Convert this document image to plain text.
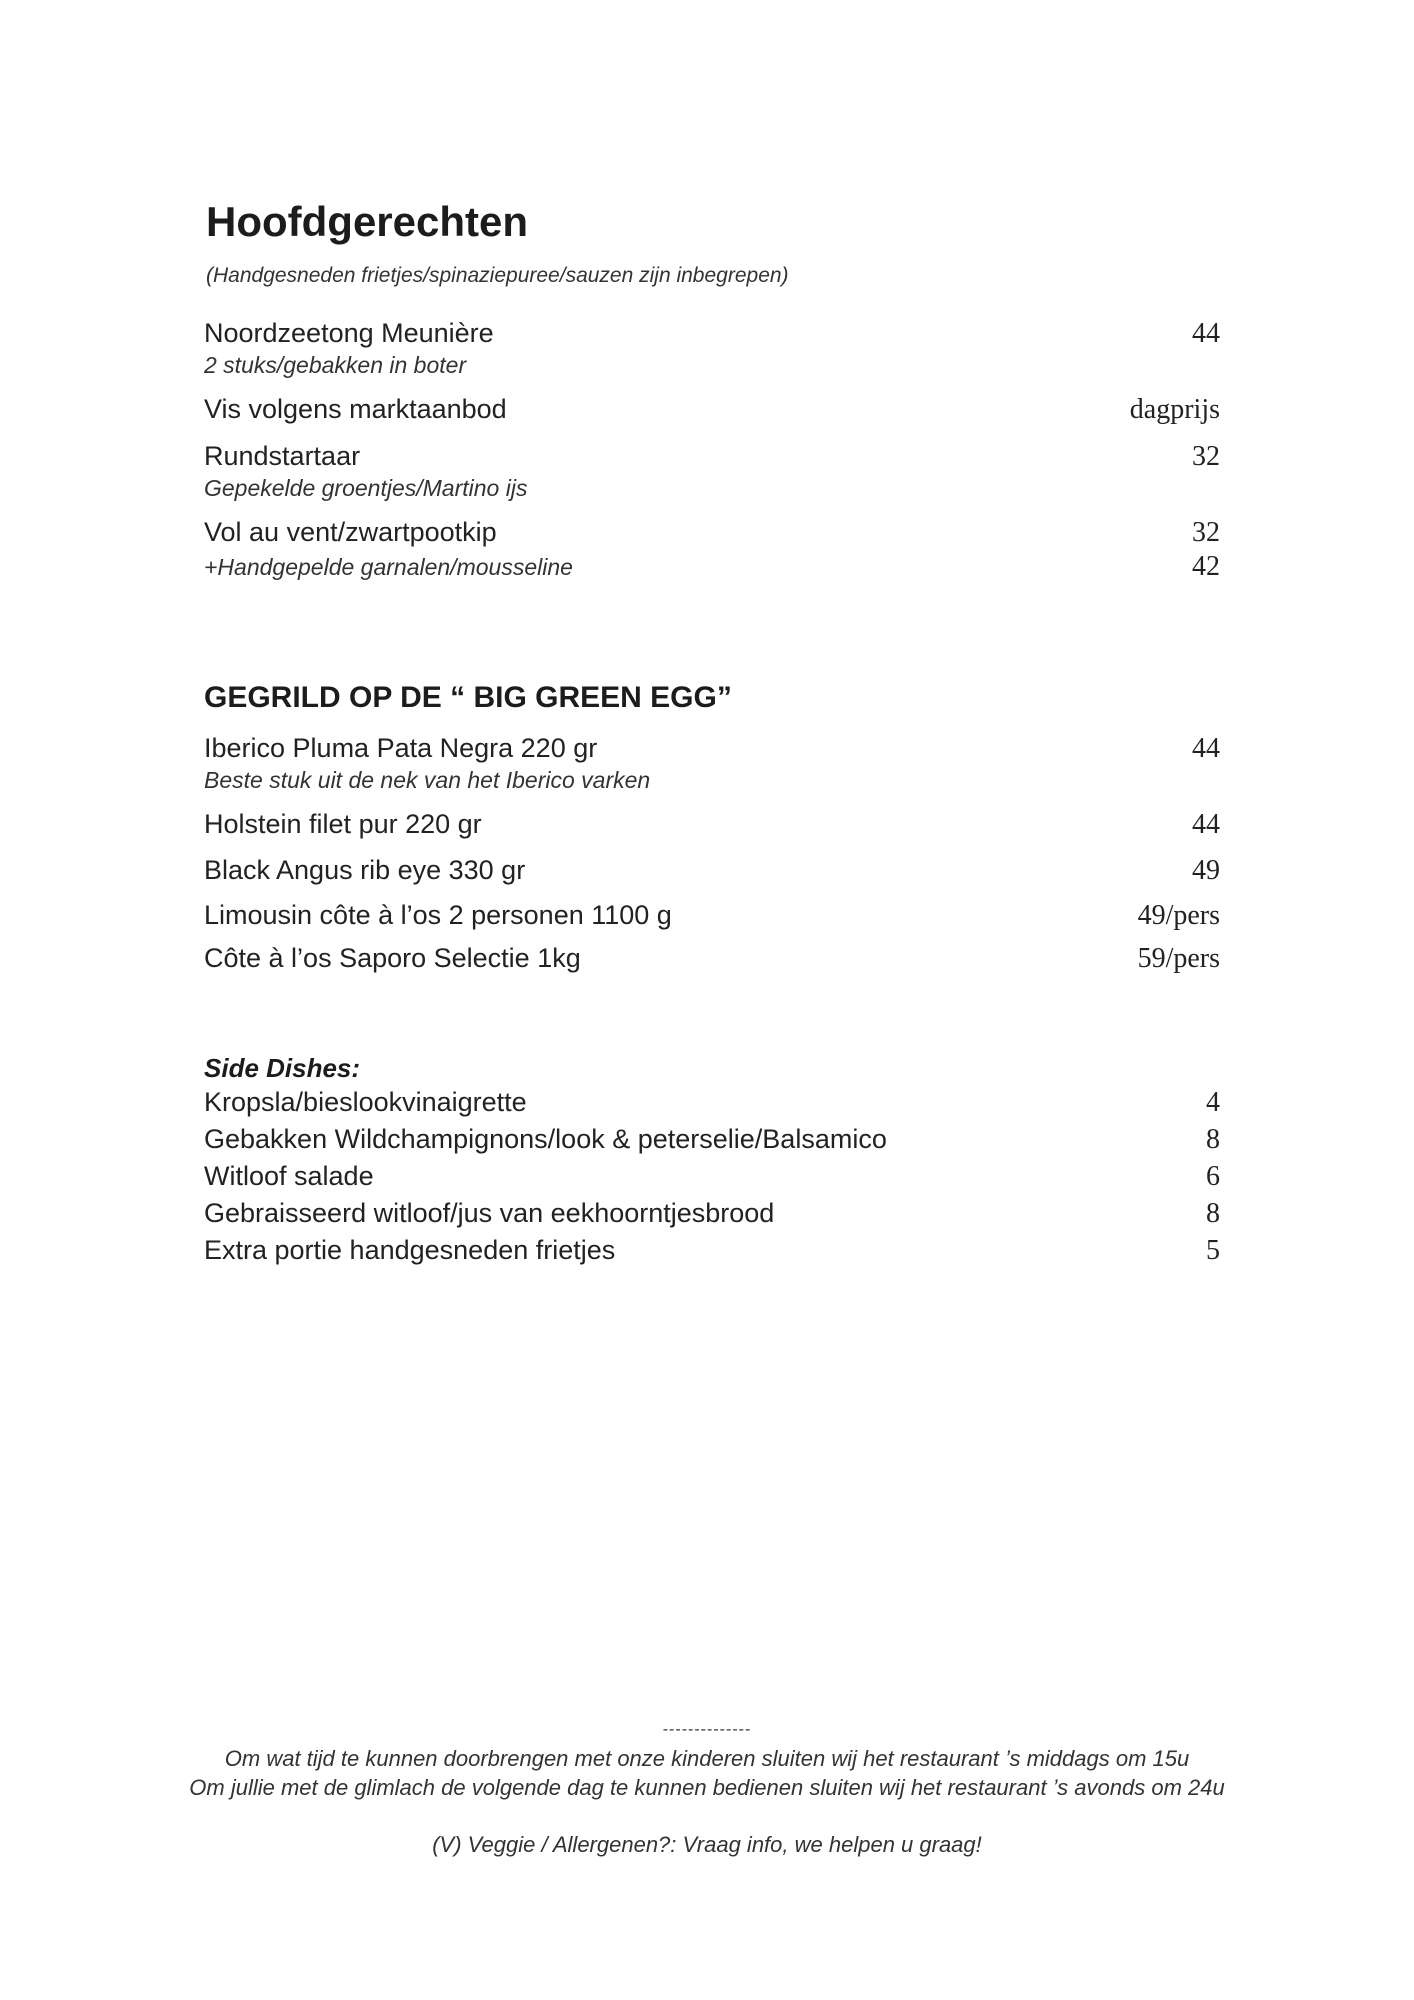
Hoofdgerechten

(Handgesneden frietjes/spinaziepuree/sauzen zijn inbegrepen)

Noordzeetong Meunière	44
2 stuks/gebakken in boter
Vis volgens marktaanbod	dagprijs
Rundstartaar	32
Gepekelde groentjes/Martino ijs
Vol au vent/zwartpootkip	32
+Handgepelde garnalen/mousseline	42
GEGRILD OP DE “ BIG GREEN EGG”
Iberico Pluma Pata Negra 220 gr	44
Beste stuk uit de nek van het Iberico varken
Holstein filet pur 220 gr	44
Black Angus rib eye 330 gr	49
Limousin côte à l’os 2 personen 1100 g	49/pers
Côte à l’os Saporo Selectie 1kg	59/pers
Side Dishes:
Kropsla/bieslookvinaigrette	4
Gebakken Wildchampignons/look & peterselie/Balsamico	8
Witloof salade	6
Gebraisseerd witloof/jus van eekhoorntjesbrood	8
Extra portie handgesneden frietjes	5
--------------
Om wat tijd te kunnen doorbrengen met onze kinderen sluiten wij het restaurant ’s middags om 15u
Om jullie met de glimlach de volgende dag te kunnen bedienen sluiten wij het restaurant ’s avonds om 24u
(V) Veggie / Allergenen?: Vraag info, we helpen u graag!
